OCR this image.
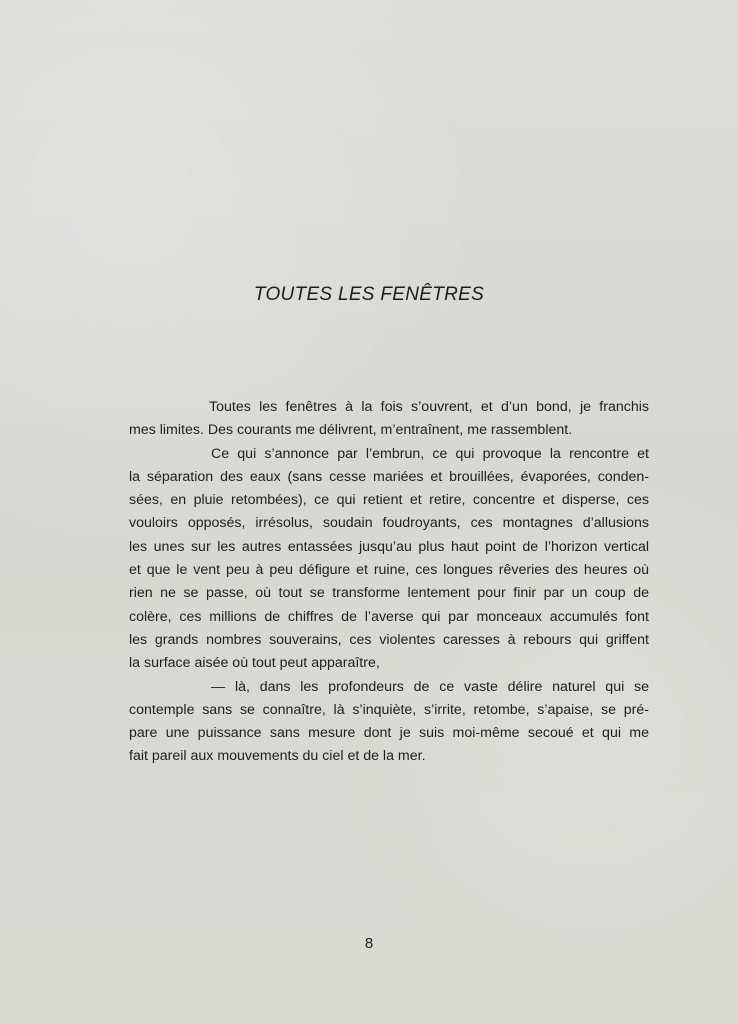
TOUTES LES FENÊTRES
Toutes les fenêtres à la fois s’ouvrent, et d’un bond, je franchis
mes limites. Des courants me délivrent, m’entraînent, me rassemblent.
Ce qui s’annonce par l’embrun, ce qui provoque la rencontre et
la séparation des eaux (sans cesse mariées et brouillées, évaporées, conden-
sées, en pluie retombées), ce qui retient et retire, concentre et disperse, ces
vouloirs opposés, irrésolus, soudain foudroyants, ces montagnes d’allusions
les unes sur les autres entassées jusqu’au plus haut point de l’horizon vertical
et que le vent peu à peu défigure et ruine, ces longues rêveries des heures où
rien ne se passe, où tout se transforme lentement pour finir par un coup de
colère, ces millions de chiffres de l’averse qui par monceaux accumulés font
les grands nombres souverains, ces violentes caresses à rebours qui griffent
la surface aisée où tout peut apparaître,
— là, dans les profondeurs de ce vaste délire naturel qui se
contemple sans se connaître, là s’inquiète, s’irrite, retombe, s’apaise, se pré-
pare une puissance sans mesure dont je suis moi-même secoué et qui me
fait pareil aux mouvements du ciel et de la mer.
8
